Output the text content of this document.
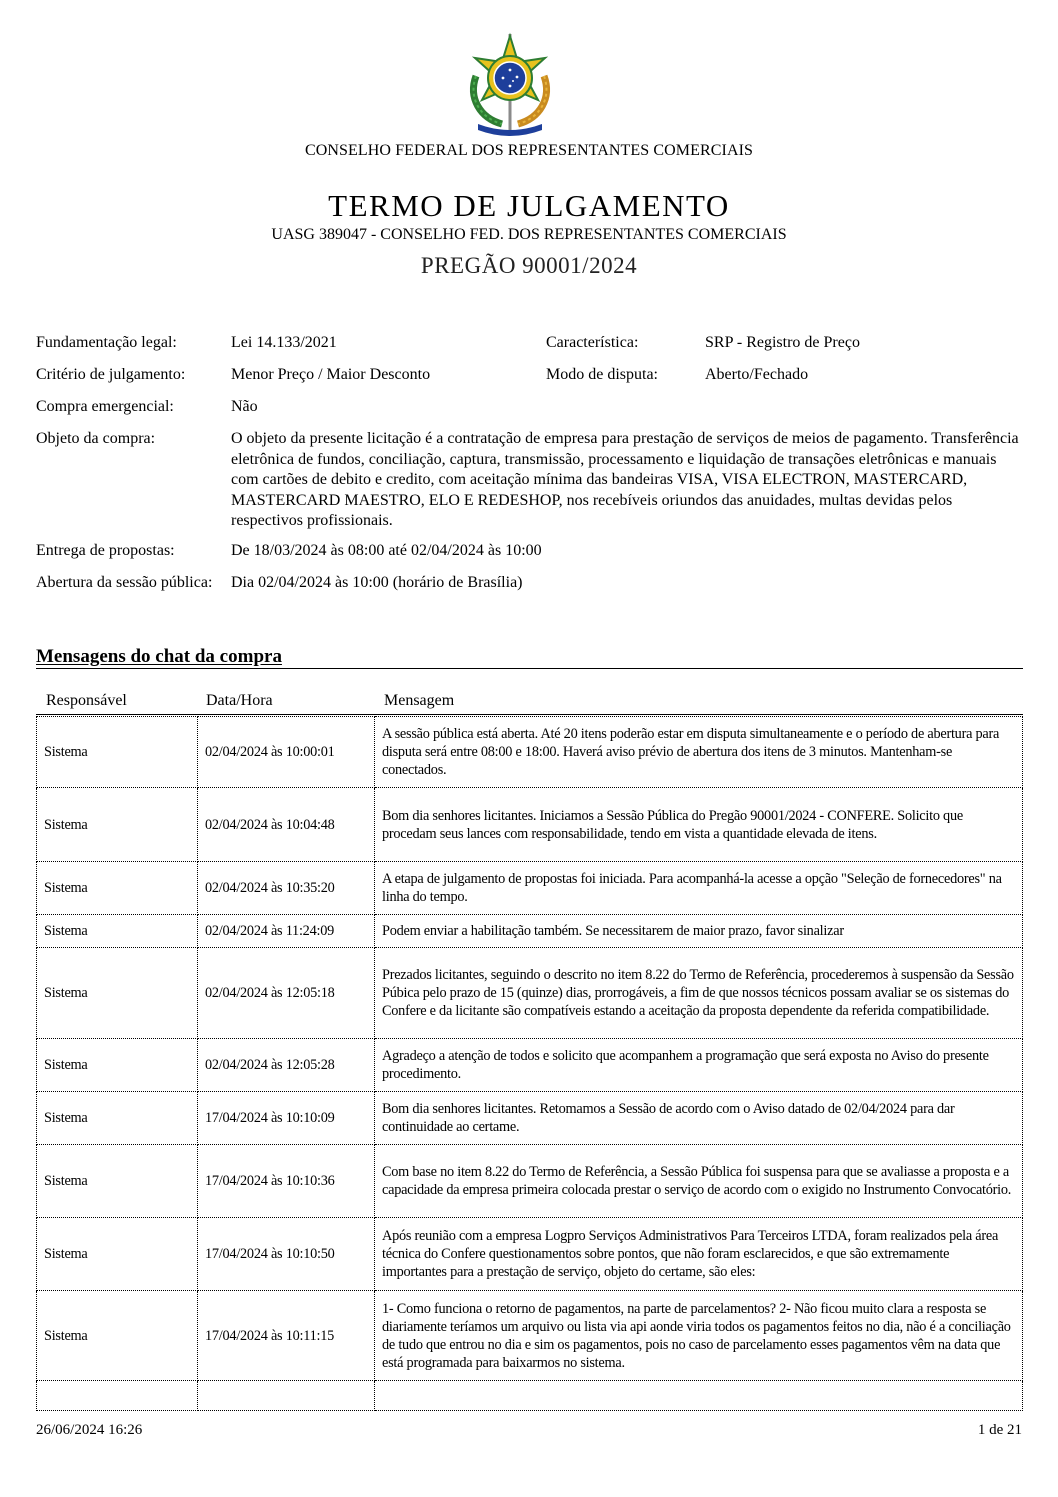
CONSELHO FEDERAL DOS REPRESENTANTES COMERCIAIS
TERMO DE JULGAMENTO
UASG 389047 - CONSELHO FED. DOS REPRESENTANTES COMERCIAIS
PREGÃO 90001/2024
Fundamentação legal:	Lei 14.133/2021	Característica:	SRP - Registro de Preço
Critério de julgamento:	Menor Preço / Maior Desconto	Modo de disputa:	Aberto/Fechado
Compra emergencial:	Não
Objeto da compra:	O objeto da presente licitação é a contratação de empresa para prestação de serviços de meios de pagamento. Transferência eletrônica de fundos, conciliação, captura, transmissão, processamento e liquidação de transações eletrônicas e manuais com cartões de debito e credito, com aceitação mínima das bandeiras VISA, VISA ELECTRON, MASTERCARD, MASTERCARD MAESTRO, ELO E REDESHOP, nos recebíveis oriundos das anuidades, multas devidas pelos respectivos profissionais.
Entrega de propostas:	De 18/03/2024 às 08:00 até 02/04/2024 às 10:00
Abertura da sessão pública: Dia 02/04/2024 às 10:00 (horário de Brasília)
Mensagens do chat da compra
Responsável	Data/Hora	Mensagem
Sistema	02/04/2024 às 10:00:01	A sessão pública está aberta. Até 20 itens poderão estar em disputa simultaneamente e o período de abertura para disputa será entre 08:00 e 18:00. Haverá aviso prévio de abertura dos itens de 3 minutos. Mantenham-se conectados.
Sistema	02/04/2024 às 10:04:48	Bom dia senhores licitantes. Iniciamos a Sessão Pública do Pregão 90001/2024 - CONFERE. Solicito que procedam seus lances com responsabilidade, tendo em vista a quantidade elevada de itens.
Sistema	02/04/2024 às 10:35:20	A etapa de julgamento de propostas foi iniciada. Para acompanhá-la acesse a opção "Seleção de fornecedores" na linha do tempo.
Sistema	02/04/2024 às 11:24:09	Podem enviar a habilitação também. Se necessitarem de maior prazo, favor sinalizar
Sistema	02/04/2024 às 12:05:18	Prezados licitantes, seguindo o descrito no item 8.22 do Termo de Referência, procederemos à suspensão da Sessão Púbica pelo prazo de 15 (quinze) dias, prorrogáveis, a fim de que nossos técnicos possam avaliar se os sistemas do Confere e da licitante são compatíveis estando a aceitação da proposta dependente da referida compatibilidade.
Sistema	02/04/2024 às 12:05:28	Agradeço a atenção de todos e solicito que acompanhem a programação que será exposta no Aviso do presente procedimento.
Sistema	17/04/2024 às 10:10:09	Bom dia senhores licitantes. Retomamos a Sessão de acordo com o Aviso datado de 02/04/2024 para dar continuidade ao certame.
Sistema	17/04/2024 às 10:10:36	Com base no item 8.22 do Termo de Referência, a Sessão Pública foi suspensa para que se avaliasse a proposta e a capacidade da empresa primeira colocada prestar o serviço de acordo com o exigido no Instrumento Convocatório.
Sistema	17/04/2024 às 10:10:50	Após reunião com a empresa Logpro Serviços Administrativos Para Terceiros LTDA, foram realizados pela área técnica do Confere questionamentos sobre pontos, que não foram esclarecidos, e que são extremamente importantes para a prestação de serviço, objeto do certame, são eles:
Sistema	17/04/2024 às 10:11:15	1- Como funciona o retorno de pagamentos, na parte de parcelamentos? 2- Não ficou muito clara a resposta se diariamente teríamos um arquivo ou lista via api aonde viria todos os pagamentos feitos no dia, não é a conciliação de tudo que entrou no dia e sim os pagamentos, pois no caso de parcelamento esses pagamentos vêm na data que está programada para baixarmos no sistema.

26/06/2024 16:26	1 de 21
